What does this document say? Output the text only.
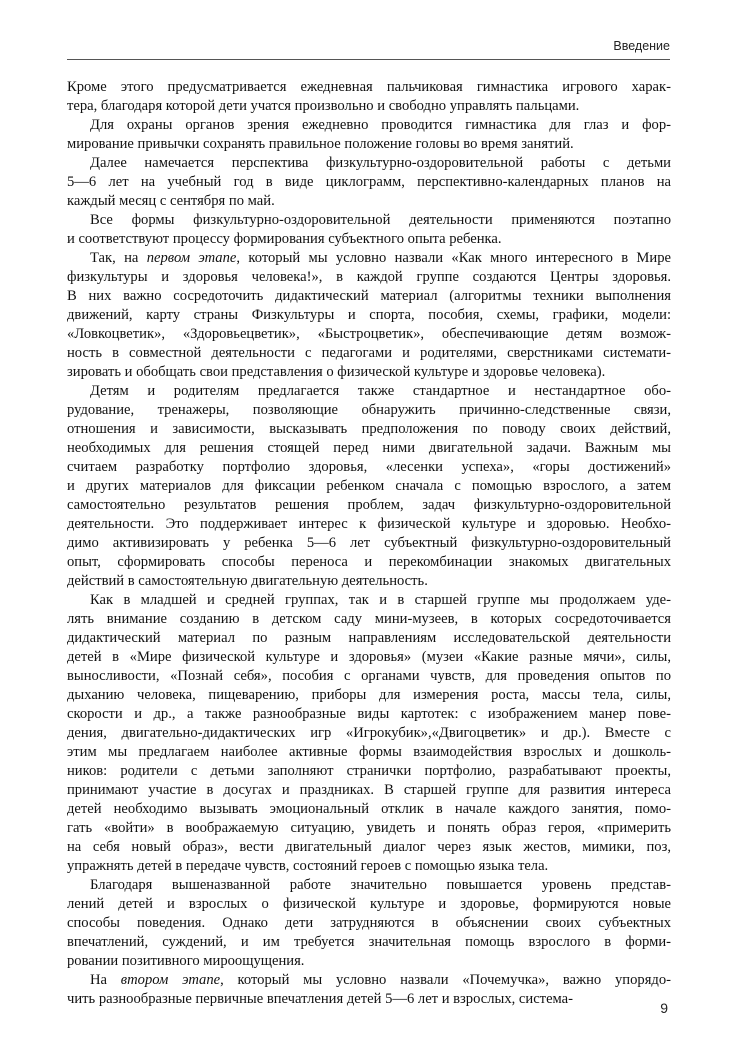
Введение

Кроме этого предусматривается ежедневная пальчиковая гимнастика игрового харак-
тера, благодаря которой дети учатся произвольно и свободно управлять пальцами.

Для охраны органов зрения ежедневно проводится гимнастика для глаз и фор-
мирование привычки сохранять правильное положение головы во время занятий.

Далее намечается перспектива физкультурно-оздоровительной работы с детьми
5—6 лет на учебный год в виде циклограмм, перспективно-календарных планов на
каждый месяц с сентября по май.

Все формы физкультурно-оздоровительной деятельности применяются поэтапно
и соответствуют процессу формирования субъектного опыта ребенка.

Так, на первом этапе, который мы условно назвали «Как много интересного в Мире
физкультуры и здоровья человека!», в каждой группе создаются Центры здоровья.
В них важно сосредоточить дидактический материал (алгоритмы техники выполнения
движений, карту страны Физкультуры и спорта, пособия, схемы, графики, модели:
«Ловкоцветик», «Здоровьецветик», «Быстроцветик», обеспечивающие детям возмож-
ность в совместной деятельности с педагогами и родителями, сверстниками системати-
зировать и обобщать свои представления о физической культуре и здоровье человека).

Детям и родителям предлагается также стандартное и нестандартное обо-
рудование, тренажеры, позволяющие обнаружить причинно-следственные связи,
отношения и зависимости, высказывать предположения по поводу своих действий,
необходимых для решения стоящей перед ними двигательной задачи. Важным мы
считаем разработку портфолио здоровья, «лесенки успеха», «горы достижений»
и других материалов для фиксации ребенком сначала с помощью взрослого, а затем
самостоятельно результатов решения проблем, задач физкультурно-оздоровительной
деятельности. Это поддерживает интерес к физической культуре и здоровью. Необхо-
димо активизировать у ребенка 5—6 лет субъектный физкультурно-оздоровительный
опыт, сформировать способы переноса и перекомбинации знакомых двигательных
действий в самостоятельную двигательную деятельность.

Как в младшей и средней группах, так и в старшей группе мы продолжаем уде-
лять внимание созданию в детском саду мини-музеев, в которых сосредоточивается
дидактический материал по разным направлениям исследовательской деятельности
детей в «Мире физической культуре и здоровья» (музеи «Какие разные мячи», силы,
выносливости, «Познай себя», пособия с органами чувств, для проведения опытов по
дыханию человека, пищеварению, приборы для измерения роста, массы тела, силы,
скорости и др., а также разнообразные виды картотек: с изображением манер пове-
дения, двигательно-дидактических игр «Игрокубик»,«Двигоцветик» и др.). Вместе с
этим мы предлагаем наиболее активные формы взаимодействия взрослых и дошколь-
ников: родители с детьми заполняют странички портфолио, разрабатывают проекты,
принимают участие в досугах и праздниках. В старшей группе для развития интереса
детей необходимо вызывать эмоциональный отклик в начале каждого занятия, помо-
гать «войти» в воображаемую ситуацию, увидеть и понять образ героя, «примерить
на себя новый образ», вести двигательный диалог через язык жестов, мимики, поз,
упражнять детей в передаче чувств, состояний героев с помощью языка тела.

Благодаря вышеназванной работе значительно повышается уровень представ-
лений детей и взрослых о физической культуре и здоровье, формируются новые
способы поведения. Однако дети затрудняются в объяснении своих субъектных
впечатлений, суждений, и им требуется значительная помощь взрослого в форми-
ровании позитивного мироощущения.

На втором этапе, который мы условно назвали «Почемучка», важно упорядо-
чить разнообразные первичные впечатления детей 5—6 лет и взрослых, система-

9
